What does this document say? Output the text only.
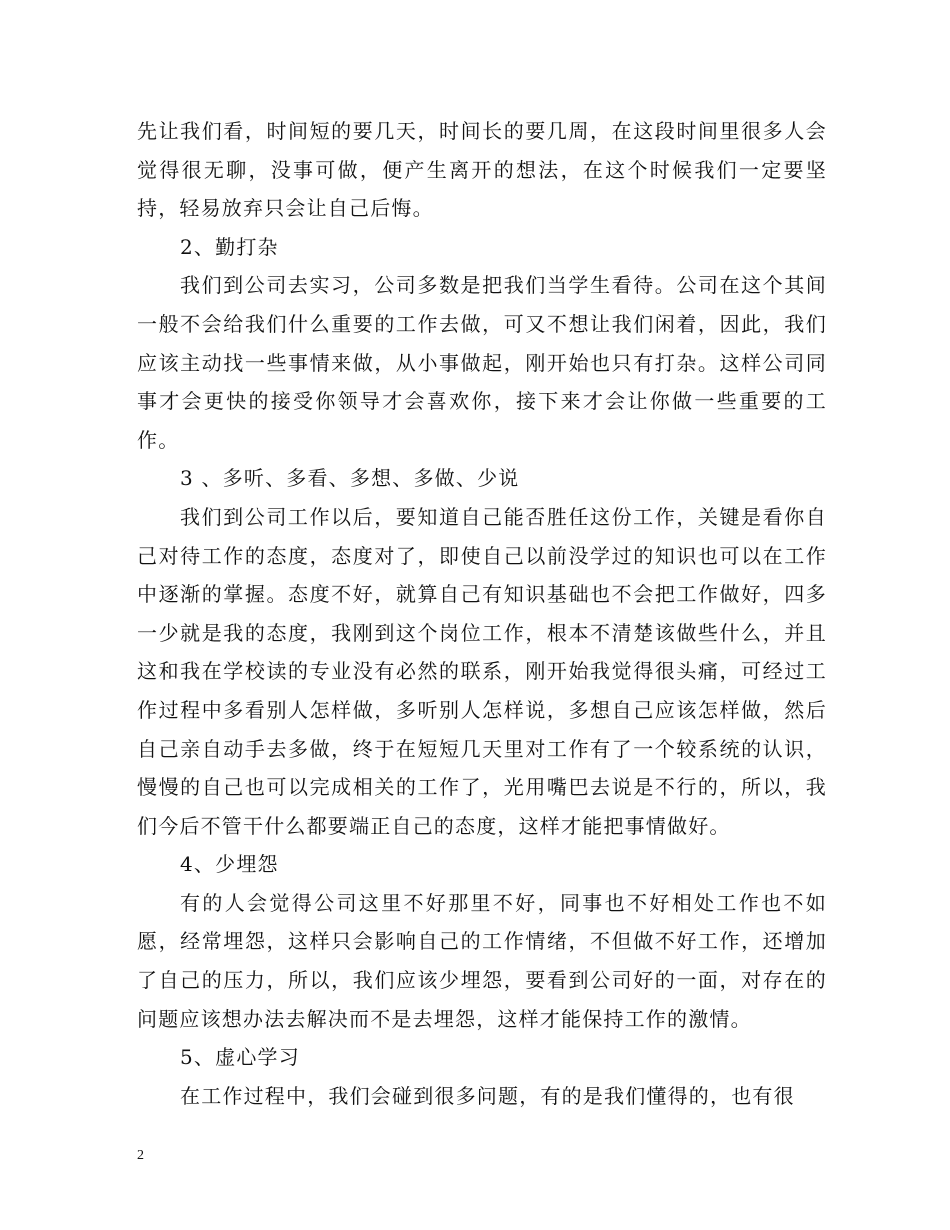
先让我们看，时间短的要几天，时间长的要几周，在这段时间里很多人会觉得很无聊，没事可做，便产生离开的想法，在这个时候我们一定要坚持，轻易放弃只会让自己后悔。

2、勤打杂

我们到公司去实习，公司多数是把我们当学生看待。公司在这个其间一般不会给我们什么重要的工作去做，可又不想让我们闲着，因此，我们应该主动找一些事情来做，从小事做起，刚开始也只有打杂。这样公司同事才会更快的接受你领导才会喜欢你，接下来才会让你做一些重要的工作。

3 、多听、多看、多想、多做、少说

我们到公司工作以后，要知道自己能否胜任这份工作，关键是看你自己对待工作的态度，态度对了，即使自己以前没学过的知识也可以在工作中逐渐的掌握。态度不好，就算自己有知识基础也不会把工作做好，四多一少就是我的态度，我刚到这个岗位工作，根本不清楚该做些什么，并且这和我在学校读的专业没有必然的联系，刚开始我觉得很头痛，可经过工作过程中多看别人怎样做，多听别人怎样说，多想自己应该怎样做，然后自己亲自动手去多做，终于在短短几天里对工作有了一个较系统的认识，慢慢的自己也可以完成相关的工作了，光用嘴巴去说是不行的，所以，我们今后不管干什么都要端正自己的态度，这样才能把事情做好。

4、少埋怨

有的人会觉得公司这里不好那里不好，同事也不好相处工作也不如愿，经常埋怨，这样只会影响自己的工作情绪，不但做不好工作，还增加了自己的压力，所以，我们应该少埋怨，要看到公司好的一面，对存在的问题应该想办法去解决而不是去埋怨，这样才能保持工作的激情。

5、虚心学习

在工作过程中，我们会碰到很多问题，有的是我们懂得的，也有很

2
